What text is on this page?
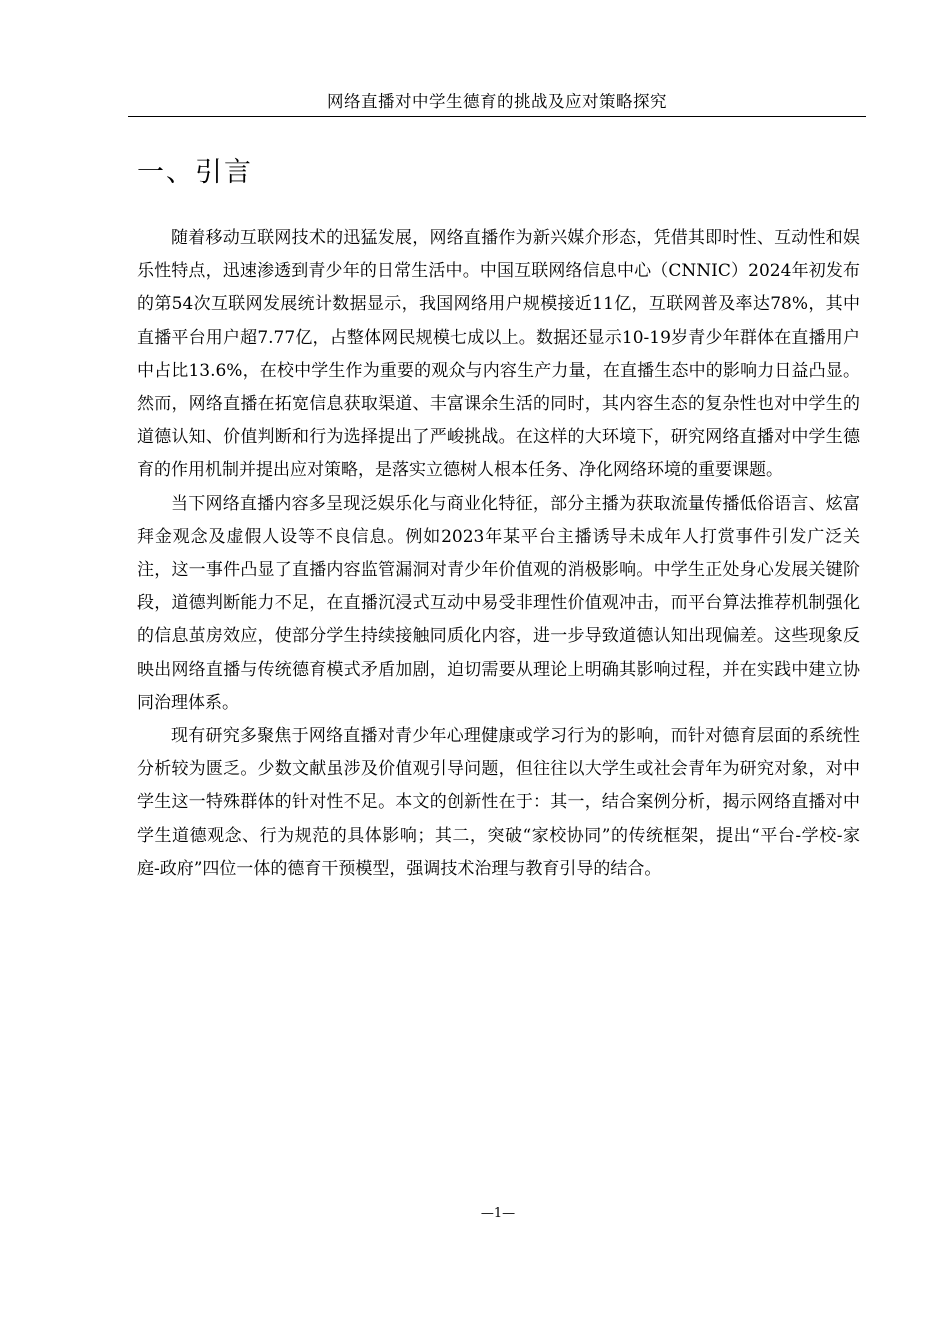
网络直播对中学生德育的挑战及应对策略探究
一、引言

随着移动互联网技术的迅猛发展，网络直播作为新兴媒介形态，凭借其即时性、互动性和娱乐性特点，迅速渗透到青少年的日常生活中。中国互联网络信息中心（CNNIC）2024年初发布的第54次互联网发展统计数据显示，我国网络用户规模接近11亿，互联网普及率达78%，其中直播平台用户超7.77亿，占整体网民规模七成以上。数据还显示10-19岁青少年群体在直播用户中占比13.6%，在校中学生作为重要的观众与内容生产力量，在直播生态中的影响力日益凸显。然而，网络直播在拓宽信息获取渠道、丰富课余生活的同时，其内容生态的复杂性也对中学生的道德认知、价值判断和行为选择提出了严峻挑战。在这样的大环境下，研究网络直播对中学生德育的作用机制并提出应对策略，是落实立德树人根本任务、净化网络环境的重要课题。

当下网络直播内容多呈现泛娱乐化与商业化特征，部分主播为获取流量传播低俗语言、炫富拜金观念及虚假人设等不良信息。例如2023年某平台主播诱导未成年人打赏事件引发广泛关注，这一事件凸显了直播内容监管漏洞对青少年价值观的消极影响。中学生正处身心发展关键阶段，道德判断能力不足，在直播沉浸式互动中易受非理性价值观冲击，而平台算法推荐机制强化的信息茧房效应，使部分学生持续接触同质化内容，进一步导致道德认知出现偏差。这些现象反映出网络直播与传统德育模式矛盾加剧，迫切需要从理论上明确其影响过程，并在实践中建立协同治理体系。

现有研究多聚焦于网络直播对青少年心理健康或学习行为的影响，而针对德育层面的系统性分析较为匮乏。少数文献虽涉及价值观引导问题，但往往以大学生或社会青年为研究对象，对中学生这一特殊群体的针对性不足。本文的创新性在于：其一，结合案例分析，揭示网络直播对中学生道德观念、行为规范的具体影响；其二，突破“家校协同”的传统框架，提出“平台-学校-家庭-政府”四位一体的德育干预模型，强调技术治理与教育引导的结合。

—1—
